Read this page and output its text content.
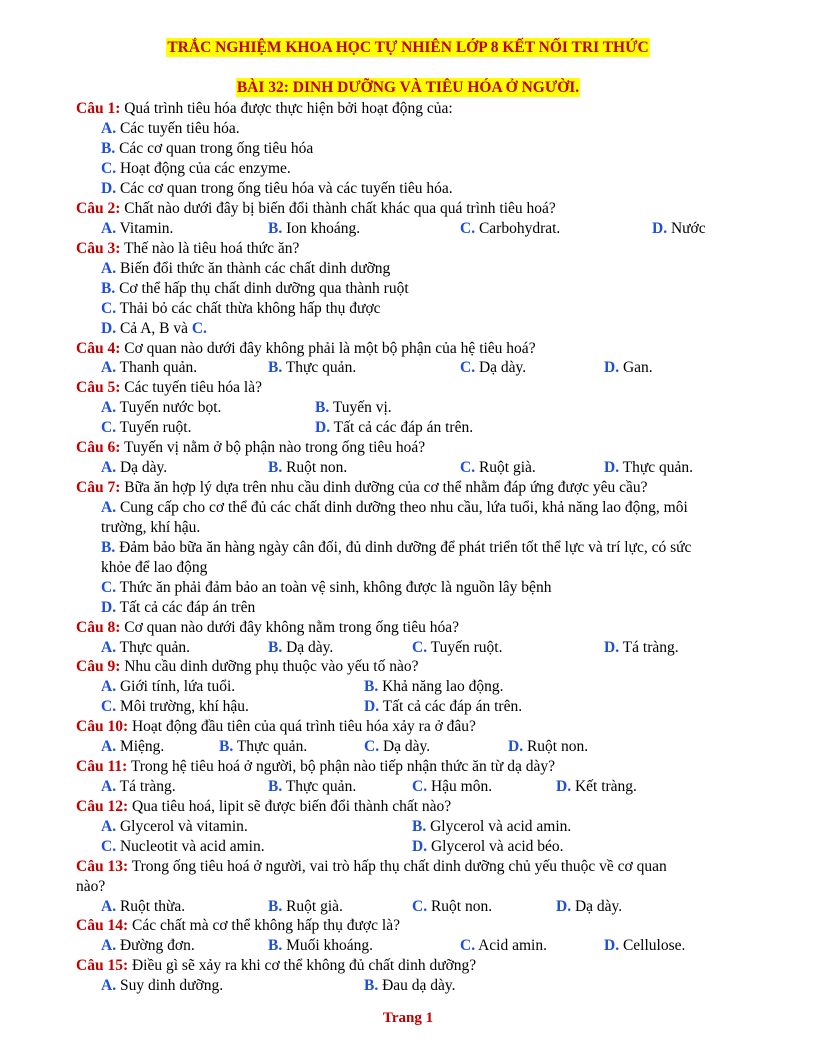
TRẮC NGHIỆM KHOA HỌC TỰ NHIÊN LỚP 8 KẾT NỐI TRI THỨC
BÀI 32: DINH DƯỠNG VÀ TIÊU HÓA Ở NGƯỜI.
Câu 1: Quá trình tiêu hóa được thực hiện bởi hoạt động của:
A. Các tuyến tiêu hóa.
B. Các cơ quan trong ống tiêu hóa
C. Hoạt động của các enzyme.
D. Các cơ quan trong ống tiêu hóa và các tuyến tiêu hóa.
Câu 2: Chất nào dưới đây bị biến đổi thành chất khác qua quá trình tiêu hoá?
A. Vitamin.	B. Ion khoáng.	C. Carbohydrat.	D. Nước
Câu 3: Thế nào là tiêu hoá thức ăn?
A. Biến đổi thức ăn thành các chất dinh dưỡng
B. Cơ thể hấp thụ chất dinh dưỡng qua thành ruột
C. Thải bỏ các chất thừa không hấp thụ được
D. Cả A, B và C.
Câu 4: Cơ quan nào dưới đây không phải là một bộ phận của hệ tiêu hoá?
A. Thanh quản.	B. Thực quản.	C. Dạ dày.	D. Gan.
Câu 5: Các tuyến tiêu hóa là?
A. Tuyến nước bọt.	B. Tuyến vị.
C. Tuyến ruột.	D. Tất cả các đáp án trên.
Câu 6: Tuyến vị nằm ở bộ phận nào trong ống tiêu hoá?
A. Dạ dày.	B. Ruột non.	C. Ruột già.	D. Thực quản.
Câu 7: Bữa ăn hợp lý dựa trên nhu cầu dinh dưỡng của cơ thể nhằm đáp ứng được yêu cầu?
A. Cung cấp cho cơ thể đủ các chất dinh dưỡng theo nhu cầu, lứa tuổi, khả năng lao động, môi
trường, khí hậu.
B. Đảm bảo bữa ăn hàng ngày cân đối, đủ dinh dưỡng để phát triển tốt thể lực và trí lực, có sức
khỏe để lao động
C. Thức ăn phải đảm bảo an toàn vệ sinh, không được là nguồn lây bệnh
D. Tất cả các đáp án trên
Câu 8: Cơ quan nào dưới đây không nằm trong ống tiêu hóa?
A. Thực quản.	B. Dạ dày.	C. Tuyến ruột.	D. Tá tràng.
Câu 9: Nhu cầu dinh dưỡng phụ thuộc vào yếu tố nào?
A. Giới tính, lứa tuổi.	B. Khả năng lao động.
C. Môi trường, khí hậu.	D. Tất cả các đáp án trên.
Câu 10: Hoạt động đầu tiên của quá trình tiêu hóa xảy ra ở đâu?
A. Miệng.	B. Thực quản.	C. Dạ dày.	D. Ruột non.
Câu 11: Trong hệ tiêu hoá ở người, bộ phận nào tiếp nhận thức ăn từ dạ dày?
A. Tá tràng.	B. Thực quản.	C. Hậu môn.	D. Kết tràng.
Câu 12: Qua tiêu hoá, lipit sẽ được biến đổi thành chất nào?
A. Glycerol và vitamin.	B. Glycerol và acid amin.
C. Nucleotit và acid amin.	D. Glycerol và acid béo.
Câu 13: Trong ống tiêu hoá ở người, vai trò hấp thụ chất dinh dưỡng chủ yếu thuộc về cơ quan
nào?
A. Ruột thừa.	B. Ruột già.	C. Ruột non.	D. Dạ dày.
Câu 14: Các chất mà cơ thể không hấp thụ được là?
A. Đường đơn.	B. Muối khoáng.	C. Acid amin.	D. Cellulose.
Câu 15: Điều gì sẽ xảy ra khi cơ thể không đủ chất dinh dưỡng?
A. Suy dinh dưỡng.	B. Đau dạ dày.
Trang 1
